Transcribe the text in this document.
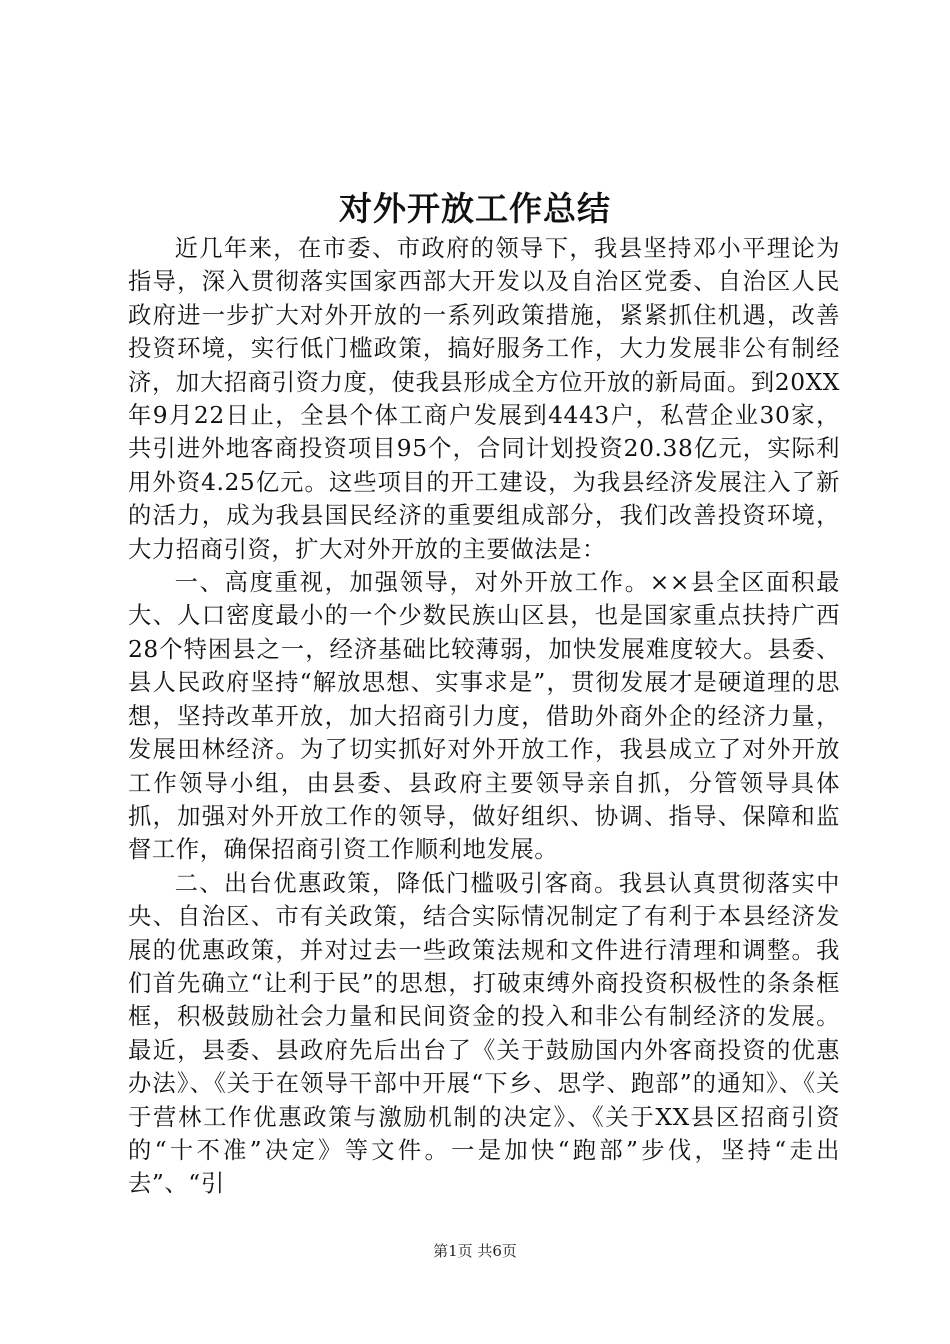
对外开放工作总结

近几年来，在市委、市政府的领导下，我县坚持邓小平理论为指导，深入贯彻落实国家西部大开发以及自治区党委、自治区人民政府进一步扩大对外开放的一系列政策措施，紧紧抓住机遇，改善投资环境，实行低门槛政策，搞好服务工作，大力发展非公有制经济，加大招商引资力度，使我县形成全方位开放的新局面。到20XX年9月22日止，全县个体工商户发展到4443户，私营企业30家，共引进外地客商投资项目95个，合同计划投资20.38亿元，实际利用外资4.25亿元。这些项目的开工建设，为我县经济发展注入了新的活力，成为我县国民经济的重要组成部分，我们改善投资环境，大力招商引资，扩大对外开放的主要做法是：

一、高度重视，加强领导，对外开放工作。××县全区面积最大、人口密度最小的一个少数民族山区县，也是国家重点扶持广西28个特困县之一，经济基础比较薄弱，加快发展难度较大。县委、县人民政府坚持“解放思想、实事求是”，贯彻发展才是硬道理的思想，坚持改革开放，加大招商引力度，借助外商外企的经济力量，发展田林经济。为了切实抓好对外开放工作，我县成立了对外开放工作领导小组，由县委、县政府主要领导亲自抓，分管领导具体抓，加强对外开放工作的领导，做好组织、协调、指导、保障和监督工作，确保招商引资工作顺利地发展。

二、出台优惠政策，降低门槛吸引客商。我县认真贯彻落实中央、自治区、市有关政策，结合实际情况制定了有利于本县经济发展的优惠政策，并对过去一些政策法规和文件进行清理和调整。我们首先确立“让利于民”的思想，打破束缚外商投资积极性的条条框框，积极鼓励社会力量和民间资金的投入和非公有制经济的发展。最近，县委、县政府先后出台了《关于鼓励国内外客商投资的优惠办法》、《关于在领导干部中开展“下乡、思学、跑部”的通知》、《关于营林工作优惠政策与激励机制的决定》、《关于XX县区招商引资的“十不准”决定》等文件。一是加快“跑部”步伐，坚持“走出去”、“引

第1页 共6页
